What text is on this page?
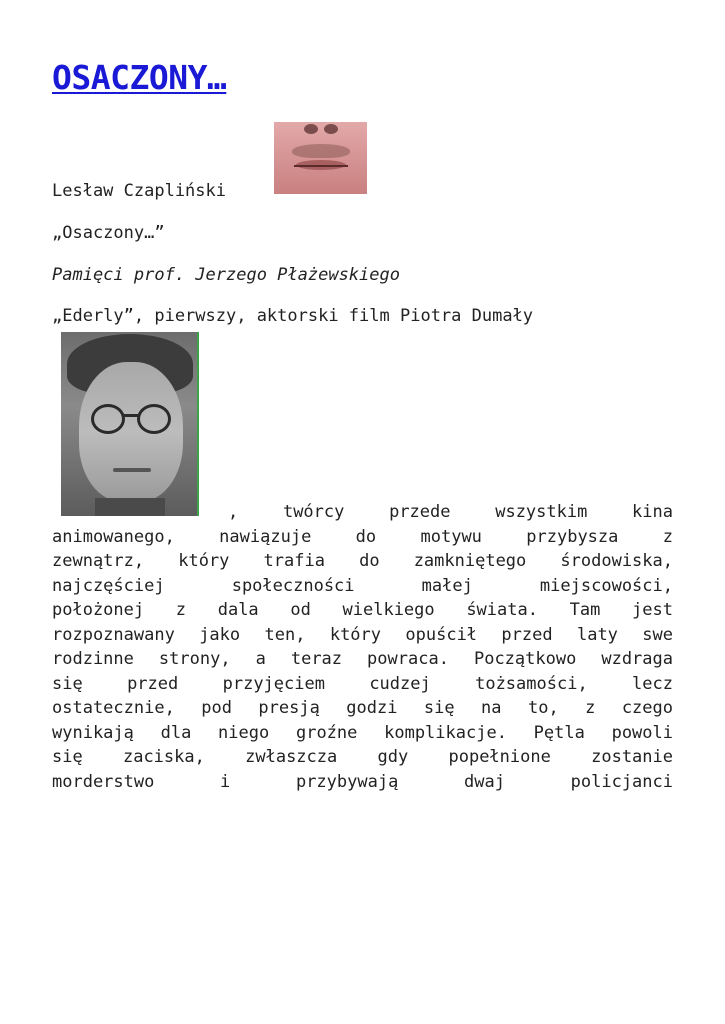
OSACZONY…
Lesław Czapliński
„Osaczony…”
Pamięci prof. Jerzego Płażewskiego
„Ederly”, pierwszy, aktorski film Piotra Dumały
, twórcy przede wszystkim kina
animowanego, nawiązuje do motywu przybysza z
zewnątrz, który trafia do zamkniętego środowiska,
najczęściej społeczności małej miejscowości,
położonej z dala od wielkiego świata. Tam jest
rozpoznawany jako ten, który opuścił przed laty swe
rodzinne strony, a teraz powraca. Początkowo wzdraga
się przed przyjęciem cudzej tożsamości, lecz
ostatecznie, pod presją godzi się na to, z czego
wynikają dla niego groźne komplikacje. Pętla powoli
się zaciska, zwłaszcza gdy popełnione zostanie
morderstwo i przybywają dwaj policjanci
